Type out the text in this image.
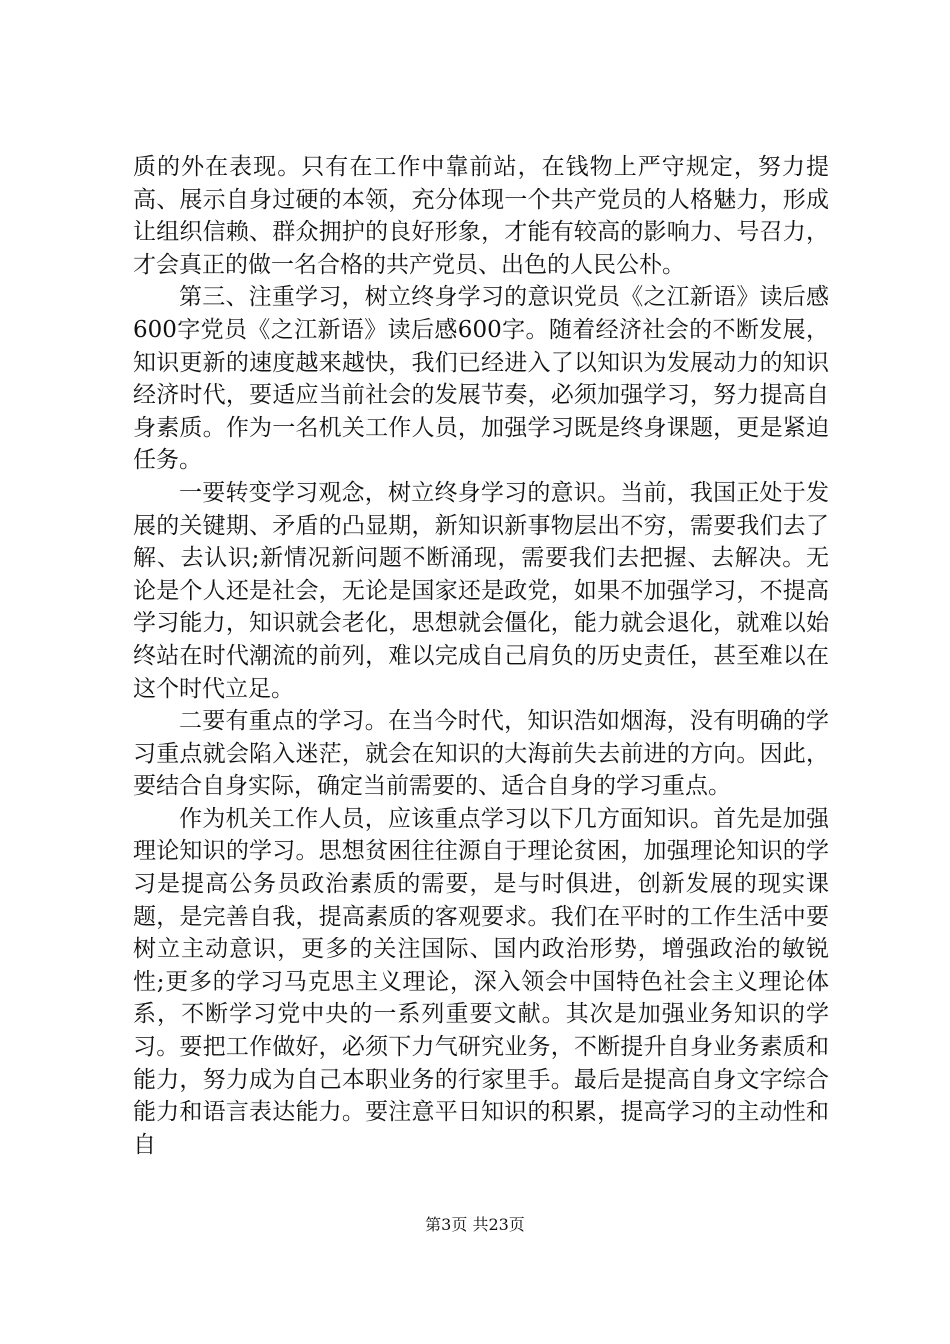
质的外在表现。只有在工作中靠前站，在钱物上严守规定，努力提高、展示自身过硬的本领，充分体现一个共产党员的人格魅力，形成让组织信赖、群众拥护的良好形象，才能有较高的影响力、号召力，才会真正的做一名合格的共产党员、出色的人民公朴。

第三、注重学习，树立终身学习的意识党员《之江新语》读后感600字党员《之江新语》读后感600字。随着经济社会的不断发展，知识更新的速度越来越快，我们已经进入了以知识为发展动力的知识经济时代，要适应当前社会的发展节奏，必须加强学习，努力提高自身素质。作为一名机关工作人员，加强学习既是终身课题，更是紧迫任务。

一要转变学习观念，树立终身学习的意识。当前，我国正处于发展的关键期、矛盾的凸显期，新知识新事物层出不穷，需要我们去了解、去认识;新情况新问题不断涌现，需要我们去把握、去解决。无论是个人还是社会，无论是国家还是政党，如果不加强学习，不提高学习能力，知识就会老化，思想就会僵化，能力就会退化，就难以始终站在时代潮流的前列，难以完成自己肩负的历史责任，甚至难以在这个时代立足。

二要有重点的学习。在当今时代，知识浩如烟海，没有明确的学习重点就会陷入迷茫，就会在知识的大海前失去前进的方向。因此，要结合自身实际，确定当前需要的、适合自身的学习重点。

作为机关工作人员，应该重点学习以下几方面知识。首先是加强理论知识的学习。思想贫困往往源自于理论贫困，加强理论知识的学习是提高公务员政治素质的需要，是与时俱进，创新发展的现实课题，是完善自我，提高素质的客观要求。我们在平时的工作生活中要树立主动意识，更多的关注国际、国内政治形势，增强政治的敏锐性;更多的学习马克思主义理论，深入领会中国特色社会主义理论体系，不断学习党中央的一系列重要文献。其次是加强业务知识的学习。要把工作做好，必须下力气研究业务，不断提升自身业务素质和能力，努力成为自己本职业务的行家里手。最后是提高自身文字综合能力和语言表达能力。要注意平日知识的积累，提高学习的主动性和自

第3页 共23页
